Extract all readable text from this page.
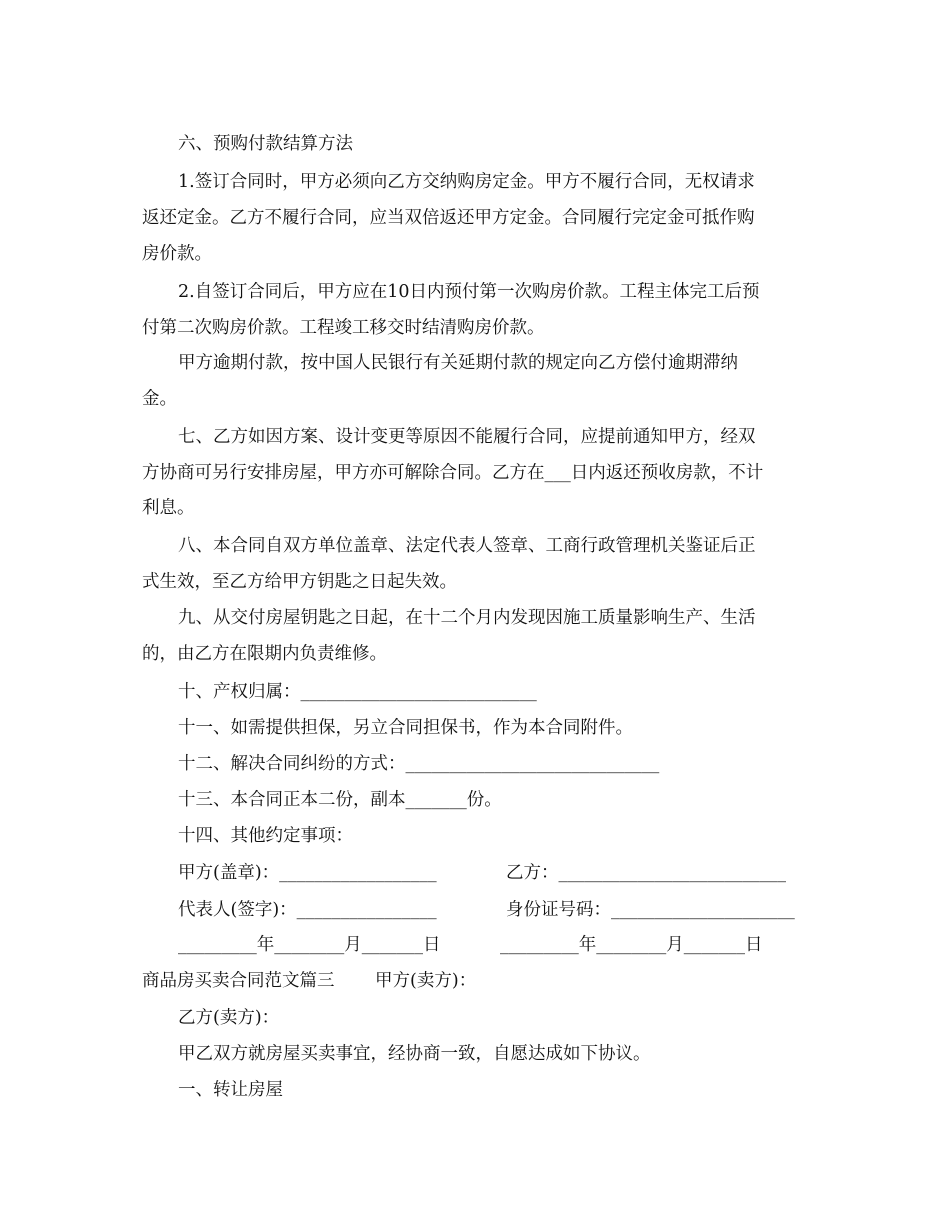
六、预购付款结算方法
1.签订合同时，甲方必须向乙方交纳购房定金。甲方不履行合同，无权请求
返还定金。乙方不履行合同，应当双倍返还甲方定金。合同履行完定金可抵作购
房价款。
2.自签订合同后，甲方应在10日内预付第一次购房价款。工程主体完工后预
付第二次购房价款。工程竣工移交时结清购房价款。
甲方逾期付款，按中国人民银行有关延期付款的规定向乙方偿付逾期滞纳
金。
七、乙方如因方案、设计变更等原因不能履行合同，应提前通知甲方，经双
方协商可另行安排房屋，甲方亦可解除合同。乙方在___日内返还预收房款，不计
利息。
八、本合同自双方单位盖章、法定代表人签章、工商行政管理机关鉴证后正
式生效，至乙方给甲方钥匙之日起失效。
九、从交付房屋钥匙之日起，在十二个月内发现因施工质量影响生产、生活
的，由乙方在限期内负责维修。
十、产权归属：___________________________
十一、如需提供担保，另立合同担保书，作为本合同附件。
十二、解决合同纠纷的方式：_____________________________
十三、本合同正本二份，副本_______份。
十四、其他约定事项：
甲方(盖章)：__________________	乙方：__________________________
代表人(签字)：________________	身份证号码：_____________________
_________年________月_______日	_________年________月_______日
商品房买卖合同范文篇三　　 甲方(卖方)：
乙方(卖方)：
甲乙双方就房屋买卖事宜，经协商一致，自愿达成如下协议。
一、转让房屋
